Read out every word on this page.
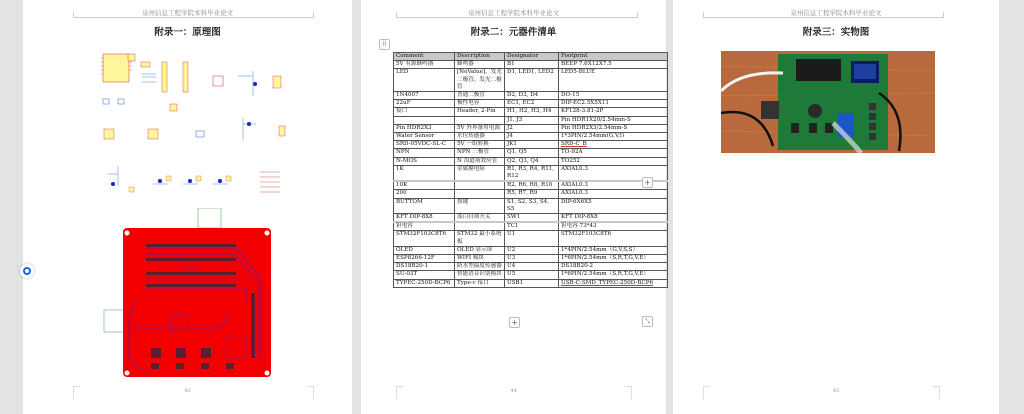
泉州信息工程学院本科毕业论文
附录一：原理图
42
泉州信息工程学院本科毕业论文
附录二：元器件清单
⠿
Comment	Description	Designator	Footprint
5V 有源蜂鸣器	蜂鸣器	B1	BEEP 7.6X12X7.5
LED	[NoValue]、发光二极管、发光二极管	D1, LED1, LED2	LED5-BLUE
1N4007	普通二极管	D2, D3, D4	DO-15
22uF	极性电容	EC1, EC2	DIP-EC2.5X5X11
接口	Header, 2-Pin	H1, H2, H3, H4	KF128-3.81-2P
		J1, J3	Pin HDR1X20/2.54mm-S
Pin HDR2X3	5V 外界备用电源	J2	Pin HDR2X3/2.54mm-S
Water Sensor	水位传感器	J4	1*3PIN/2.54mm(G,V,I)
SRD-05VDC-SL-C	5V 一组转换	JK1	SRD-C_B
NPN	NPN 三极管	Q1, Q5	TO-92A
N-MOS	N 沟道场效应管	Q2, Q3, Q4	TO252
1K	金属膜电阻	R1, R3, R4, R11, R12	AXIAL0.3
10K		R2, R6, R8, R10	AXIAL0.3
200		R5, R7, R9	AXIAL0.3
BUTTOM	按键	S1, S2, S3, S4, S5	DIP-6X6X5
KFT DIP-8X8	蓝白自锁开关	SW1	KFT DIP-8X8
钽电容		TC1	钽电容 73*43
STM32F103C8T6	STM32 最小系统板	U1	STM32F103C8T6
OLED	OLED 显示屏	U2	1*4PIN/2.54mm（G,V,S,S）
ESP8266-12F	WIFI 模块	U3	1*6PIN/2.54mm（S,R,T,G,V,E）
DS18B20-1	防水型温度传感器	U4	DS18B20-2
SU-03T	智能语音识别模块	U5	1*6PIN/2.54mm（S,R,T,G,V,E）
TYPEC-250D-BCP6	Type-c 接口	USB1	USB-C-SMD_TYPEC-250D-BCP6
+
+	⤡
44
泉州信息工程学院本科毕业论文
附录三：实物图
45
